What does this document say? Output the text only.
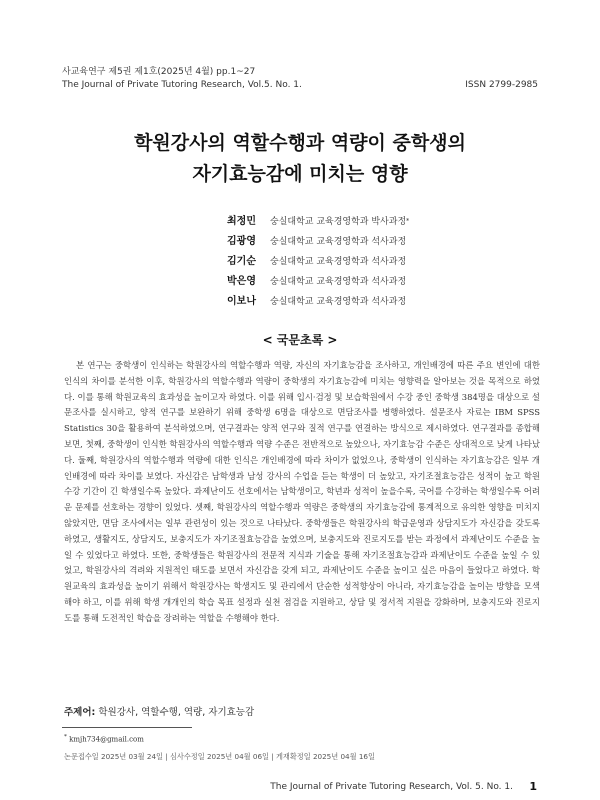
사교육연구 제5권 제1호(2025년 4월) pp.1~27
The Journal of Private Tutoring Research, Vol.5. No. 1.	ISSN 2799-2985
학원강사의 역할수행과 역량이 중학생의
자기효능감에 미치는 영향
최정민 숭실대학교 교육경영학과 박사과정*
김광영 숭실대학교 교육경영학과 석사과정
김기순 숭실대학교 교육경영학과 석사과정
박은영 숭실대학교 교육경영학과 석사과정
이보나 숭실대학교 교육경영학과 석사과정
< 국문초록 >

본 연구는 중학생이 인식하는 학원강사의 역할수행과 역량, 자신의 자기효능감을 조사하고, 개인배경에 따른 주요 변인에 대한 인식의 차이를 분석한 이후, 학원강사의 역할수행과 역량이 중학생의 자기효능감에 미치는 영향력을 알아보는 것을 목적으로 하였다. 이를 통해 학원교육의 효과성을 높이고자 하였다. 이를 위해 입시·검정 및 보습학원에서 수강 중인 중학생 384명을 대상으로 설문조사를 실시하고, 양적 연구를 보완하기 위해 중학생 6명을 대상으로 면담조사를 병행하였다. 설문조사 자료는 IBM SPSS Statistics 30을 활용하여 분석하였으며, 연구결과는 양적 연구와 질적 연구를 연결하는 방식으로 제시하였다. 연구결과를 종합해보면, 첫째, 중학생이 인식한 학원강사의 역할수행과 역량 수준은 전반적으로 높았으나, 자기효능감 수준은 상대적으로 낮게 나타났다. 둘째, 학원강사의 역할수행과 역량에 대한 인식은 개인배경에 따라 차이가 없었으나, 중학생이 인식하는 자기효능감은 일부 개인배경에 따라 차이를 보였다. 자신감은 남학생과 남성 강사의 수업을 듣는 학생이 더 높았고, 자기조절효능감은 성적이 높고 학원 수강 기간이 긴 학생일수록 높았다. 과제난이도 선호에서는 남학생이고, 학년과 성적이 높을수록, 국어를 수강하는 학생일수록 어려운 문제를 선호하는 경향이 있었다. 셋째, 학원강사의 역할수행과 역량은 중학생의 자기효능감에 통계적으로 유의한 영향을 미치지 않았지만, 면담 조사에서는 일부 관련성이 있는 것으로 나타났다. 중학생들은 학원강사의 학급운영과 상담지도가 자신감을 갖도록 하였고, 생활지도, 상담지도, 보충지도가 자기조절효능감을 높였으며, 보충지도와 진로지도를 받는 과정에서 과제난이도 수준을 높일 수 있었다고 하였다. 또한, 중학생들은 학원강사의 전문적 지식과 기술을 통해 자기조절효능감과 과제난이도 수준을 높일 수 있었고, 학원강사의 격려와 지원적인 태도를 보면서 자신감을 갖게 되고, 과제난이도 수준을 높이고 싶은 마음이 들었다고 하였다. 학원교육의 효과성을 높이기 위해서 학원강사는 학생지도 및 관리에서 단순한 성적향상이 아니라, 자기효능감을 높이는 방향을 모색해야 하고, 이를 위해 학생 개개인의 학습 목표 설정과 실천 점검을 지원하고, 상담 및 정서적 지원을 강화하며, 보충지도와 진로지도를 통해 도전적인 학습을 장려하는 역할을 수행해야 한다.

주제어: 학원강사, 역할수행, 역량, 자기효능감
* kmjh734@gmail.com
논문접수일 2025년 03월 24일 | 심사수정일 2025년 04월 06일 | 게재확정일 2025년 04월 16일
The Journal of Private Tutoring Research, Vol. 5. No. 1. 1
